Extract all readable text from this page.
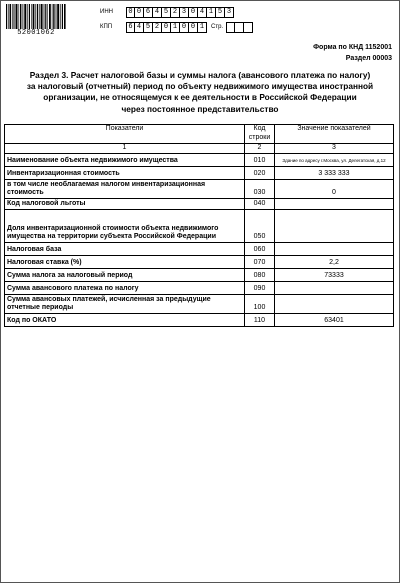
52001062
ИНН	0 0 6 4 5 2 3 0 4 1 5 3
КПП	6 4 5 2 0 1 0 0 1	Стр.
Форма по КНД 1152001
Раздел 00003
Раздел 3. Расчет налоговой базы и суммы налога (авансового платежа по налогу)
за налоговый (отчетный) период по объекту недвижимого имущества иностранной
организации, не относящемуся к ее деятельности в Российской Федерации
через постоянное представительство
Показатели	Код строки	Значение показателей
1	2	3
Наименование объекта недвижимого имущества	010	Здание по адресу г.Москва, ул. Делегатская, д.12
Инвентаризационная стоимость	020	3 333 333
в том числе необлагаемая налогом инвентаризационная стоимость	030	0
Код налоговой льготы	040	
Доля инвентаризационной стоимости объекта недвижимого имущества на территории субъекта Российской Федерации	050	
Налоговая база	060	
Налоговая ставка (%)	070	2,2
Сумма налога за налоговый период	080	73333
Сумма авансового платежа по налогу	090	
Сумма авансовых платежей, исчисленная за предыдущие отчетные периоды	100	
Код по ОКАТО	110	63401
